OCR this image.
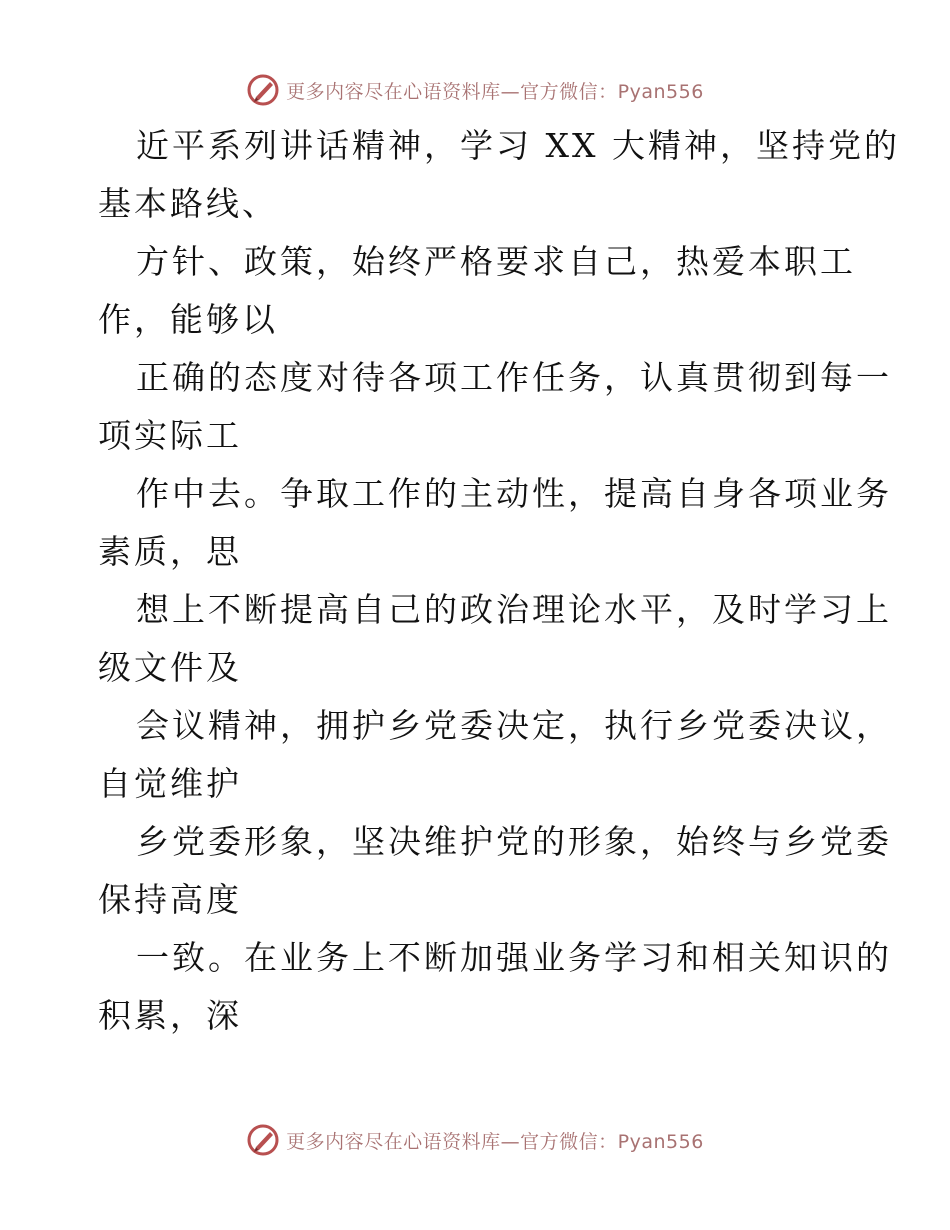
更多内容尽在心语资料库—官方微信：Pyan556
近平系列讲话精神，学习 XX 大精神，坚持党的
基本路线、
方针、政策，始终严格要求自己，热爱本职工
作，能够以
正确的态度对待各项工作任务，认真贯彻到每一
项实际工
作中去。争取工作的主动性，提高自身各项业务
素质，思
想上不断提高自己的政治理论水平，及时学习上
级文件及
会议精神，拥护乡党委决定，执行乡党委决议，
自觉维护
乡党委形象，坚决维护党的形象，始终与乡党委
保持高度
一致。在业务上不断加强业务学习和相关知识的
积累，深
更多内容尽在心语资料库—官方微信：Pyan556
